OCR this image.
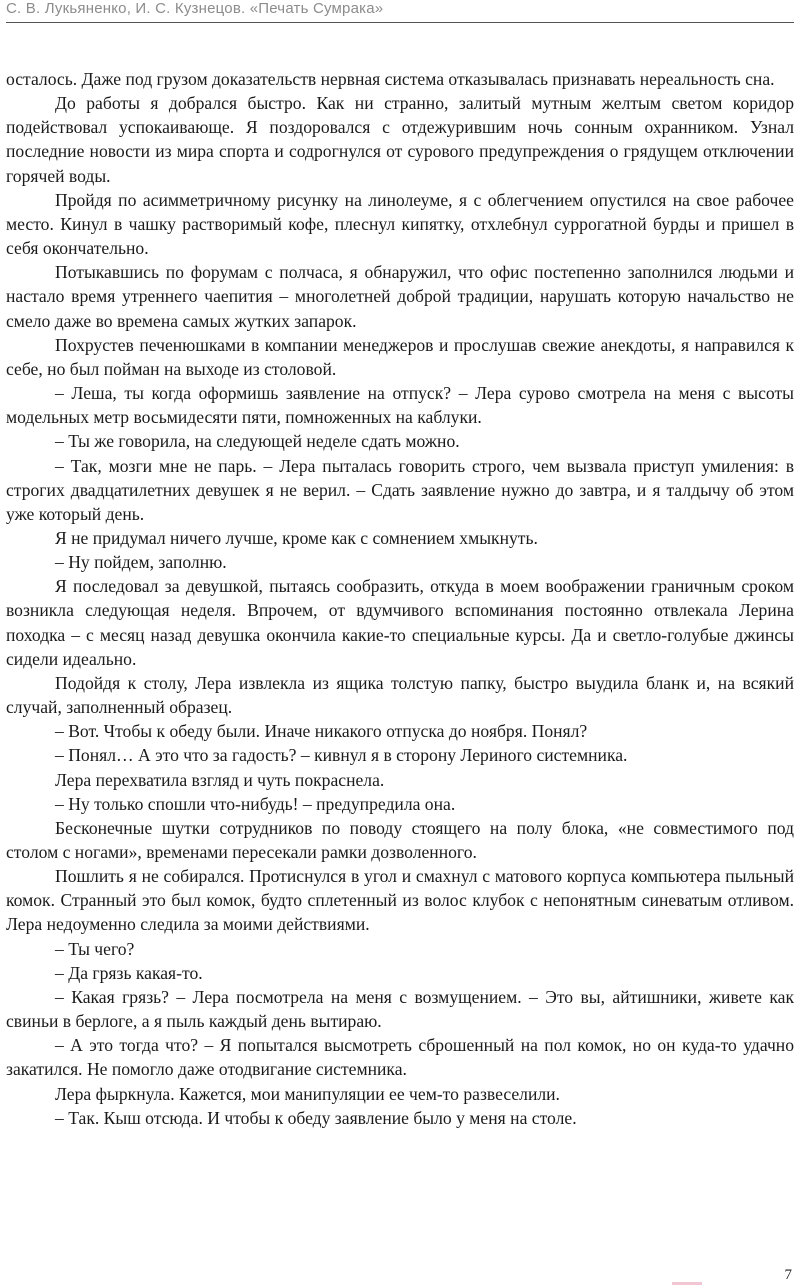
С. В. Лукьяненко, И. С. Кузнецов. «Печать Сумрака»

осталось. Даже под грузом доказательств нервная система отказывалась признавать нереальность сна.

До работы я добрался быстро. Как ни странно, залитый мутным желтым светом коридор подействовал успокаивающе. Я поздоровался с отдежурившим ночь сонным охранником. Узнал последние новости из мира спорта и содрогнулся от сурового предупреждения о грядущем отключении горячей воды.

Пройдя по асимметричному рисунку на линолеуме, я с облегчением опустился на свое рабочее место. Кинул в чашку растворимый кофе, плеснул кипятку, отхлебнул суррогатной бурды и пришел в себя окончательно.

Потыкавшись по форумам с полчаса, я обнаружил, что офис постепенно заполнился людьми и настало время утреннего чаепития – многолетней доброй традиции, нарушать которую начальство не смело даже во времена самых жутких запарок.

Похрустев печенюшками в компании менеджеров и прослушав свежие анекдоты, я направился к себе, но был пойман на выходе из столовой.

– Леша, ты когда оформишь заявление на отпуск? – Лера сурово смотрела на меня с высоты модельных метр восьмидесяти пяти, помноженных на каблуки.

– Ты же говорила, на следующей неделе сдать можно.

– Так, мозги мне не парь. – Лера пыталась говорить строго, чем вызвала приступ умиления: в строгих двадцатилетних девушек я не верил. – Сдать заявление нужно до завтра, и я талдычу об этом уже который день.

Я не придумал ничего лучше, кроме как с сомнением хмыкнуть.

– Ну пойдем, заполню.

Я последовал за девушкой, пытаясь сообразить, откуда в моем воображении граничным сроком возникла следующая неделя. Впрочем, от вдумчивого вспоминания постоянно отвлекала Лерина походка – с месяц назад девушка окончила какие-то специальные курсы. Да и светло-голубые джинсы сидели идеально.

Подойдя к столу, Лера извлекла из ящика толстую папку, быстро выудила бланк и, на всякий случай, заполненный образец.

– Вот. Чтобы к обеду были. Иначе никакого отпуска до ноября. Понял?

– Понял… А это что за гадость? – кивнул я в сторону Лериного системника.

Лера перехватила взгляд и чуть покраснела.

– Ну только спошли что-нибудь! – предупредила она.

Бесконечные шутки сотрудников по поводу стоящего на полу блока, «не совместимого под столом с ногами», временами пересекали рамки дозволенного.

Пошлить я не собирался. Протиснулся в угол и смахнул с матового корпуса компьютера пыльный комок. Странный это был комок, будто сплетенный из волос клубок с непонятным синеватым отливом. Лера недоуменно следила за моими действиями.

– Ты чего?

– Да грязь какая-то.

– Какая грязь? – Лера посмотрела на меня с возмущением. – Это вы, айтишники, живете как свиньи в берлоге, а я пыль каждый день вытираю.

– А это тогда что? – Я попытался высмотреть сброшенный на пол комок, но он куда-то удачно закатился. Не помогло даже отодвигание системника.

Лера фыркнула. Кажется, мои манипуляции ее чем-то развеселили.

– Так. Кыш отсюда. И чтобы к обеду заявление было у меня на столе.

7
